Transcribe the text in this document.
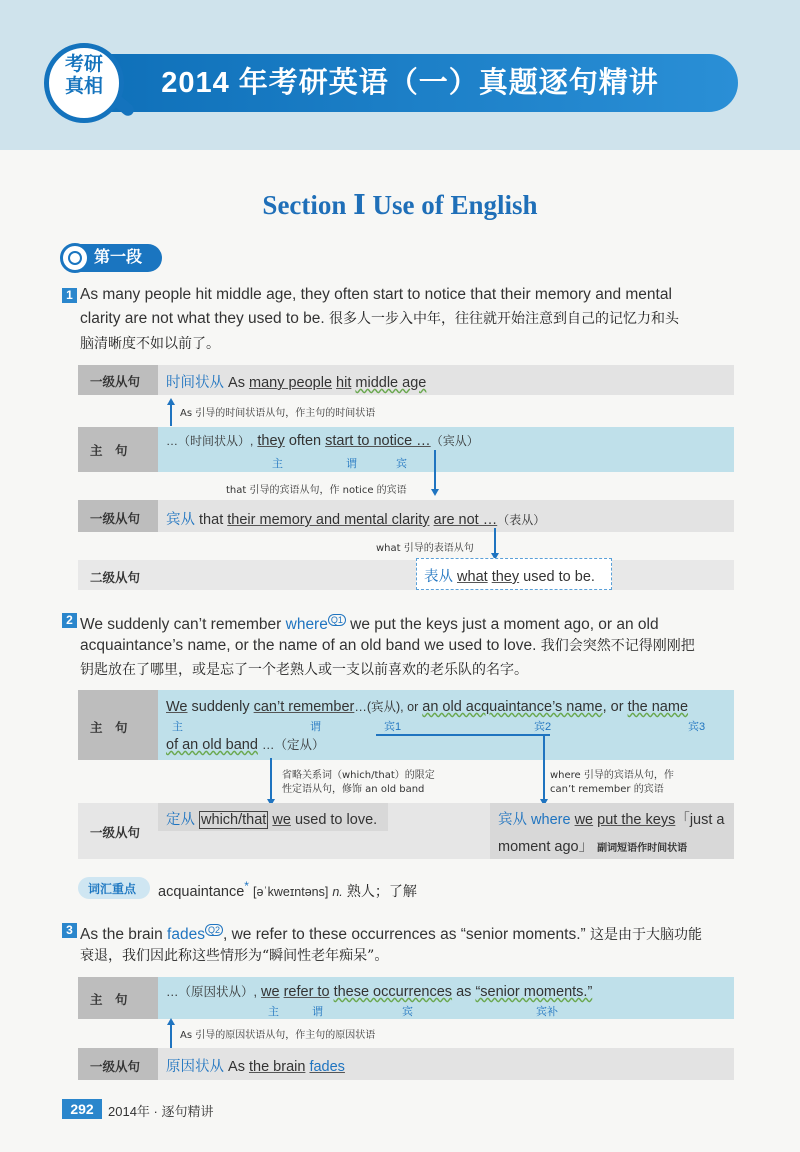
2014 年考研英语（一）真题逐句精讲
考研
真相
Section Ⅰ Use of English
第一段
1 As many people hit middle age, they often start to notice that their memory and mental
clarity are not what they used to be. 很多人一步入中年，往往就开始注意到自己的记忆力和头
脑清晰度不如以前了。
一级从句 时间状从 As many people hit middle age
As 引导的时间状语从句，作主句的时间状语
主　句
…（时间状从）, they often start to notice …（宾从）
主	谓	宾
that 引导的宾语从句，作 notice 的宾语
一级从句 宾从 that their memory and mental clarity are not …（表从）
what 引导的表语从句
二级从句	表从 what they used to be.
2 We suddenly can’t remember where $^{Q1}$ we put the keys just a moment ago, or an old
acquaintance’s name, or the name of an old band we used to love. 我们会突然不记得刚刚把
钥匙放在了哪里，或是忘了一个老熟人或一支以前喜欢的老乐队的名字。
主　句
We suddenly can’t remember…(宾从), or an old acquaintance’s name, or the name
主	谓	宾1	宾2	宾3
of an old band …（定从）
省略关系词（which/that）的限定
性定语从句，修饰 an old band
where 引导的宾语从句，作
can’t remember 的宾语
一级从句
定从 which/that we used to love.	宾从 where we put the keys「just a
moment ago」 副词短语作时间状语
词汇重点 acquaintance* [əˈkweɪntəns] n. 熟人；了解
3 As the brain fades $^{Q2}$ , we refer to these occurrences as “senior moments.” 这是由于大脑功能
衰退，我们因此称这些情形为“瞬间性老年痴呆”。
主　句
…（原因状从）, we refer to these occurrences as “senior moments.”
主	谓	宾	宾补
As 引导的原因状语从句，作主句的原因状语
一级从句 原因状从 As the brain fades
292	2014年 · 逐句精讲
